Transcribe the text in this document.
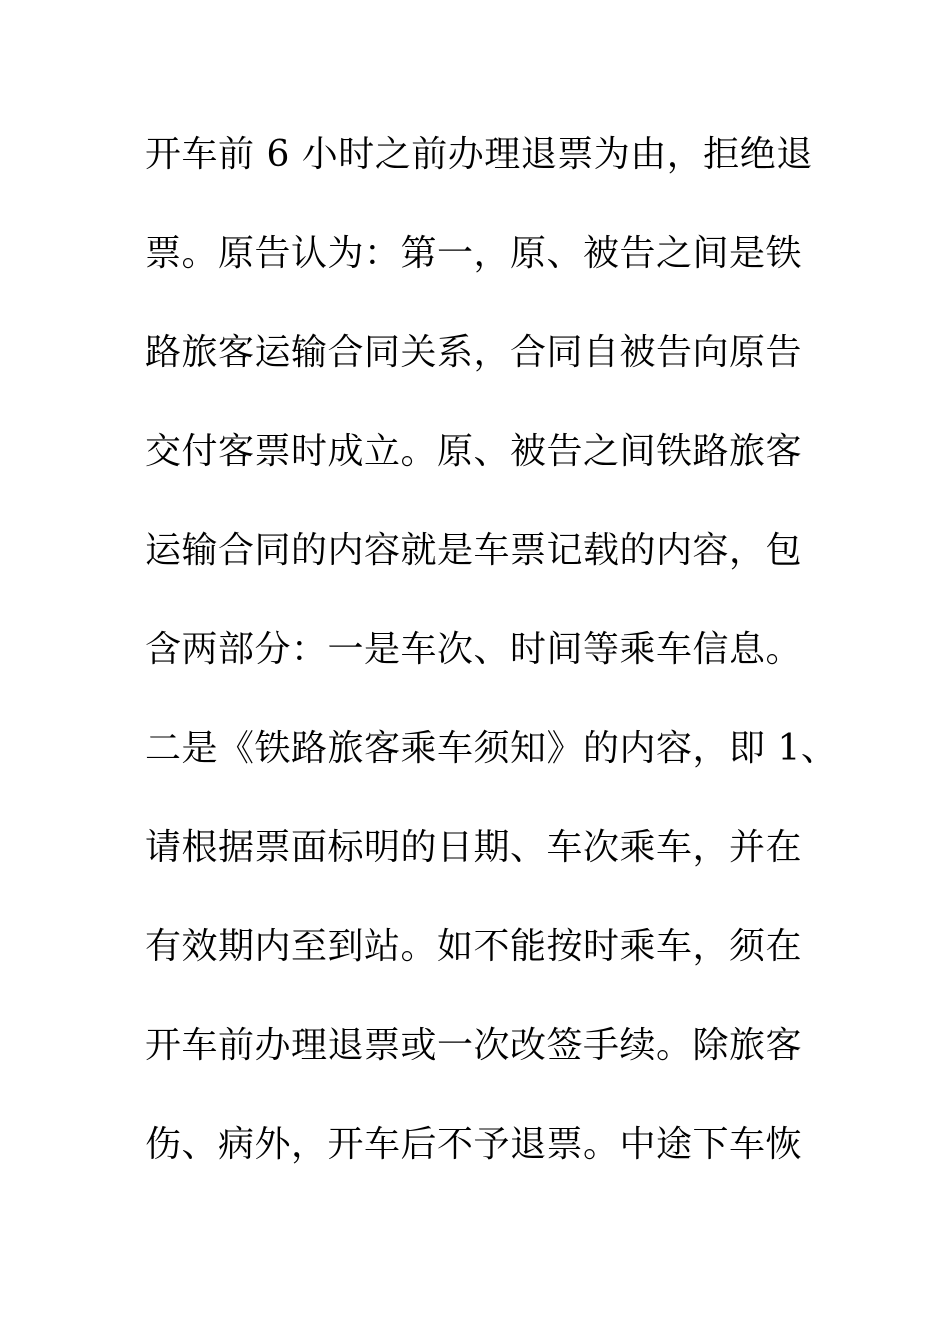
开车前 6 小时之前办理退票为由，拒绝退
票。原告认为：第一，原、被告之间是铁
路旅客运输合同关系，合同自被告向原告
交付客票时成立。原、被告之间铁路旅客
运输合同的内容就是车票记载的内容，包
含两部分：一是车次、时间等乘车信息。
二是《铁路旅客乘车须知》的内容，即 1、
请根据票面标明的日期、车次乘车，并在
有效期内至到站。如不能按时乘车，须在
开车前办理退票或一次改签手续。除旅客
伤、病外，开车后不予退票。中途下车恢
